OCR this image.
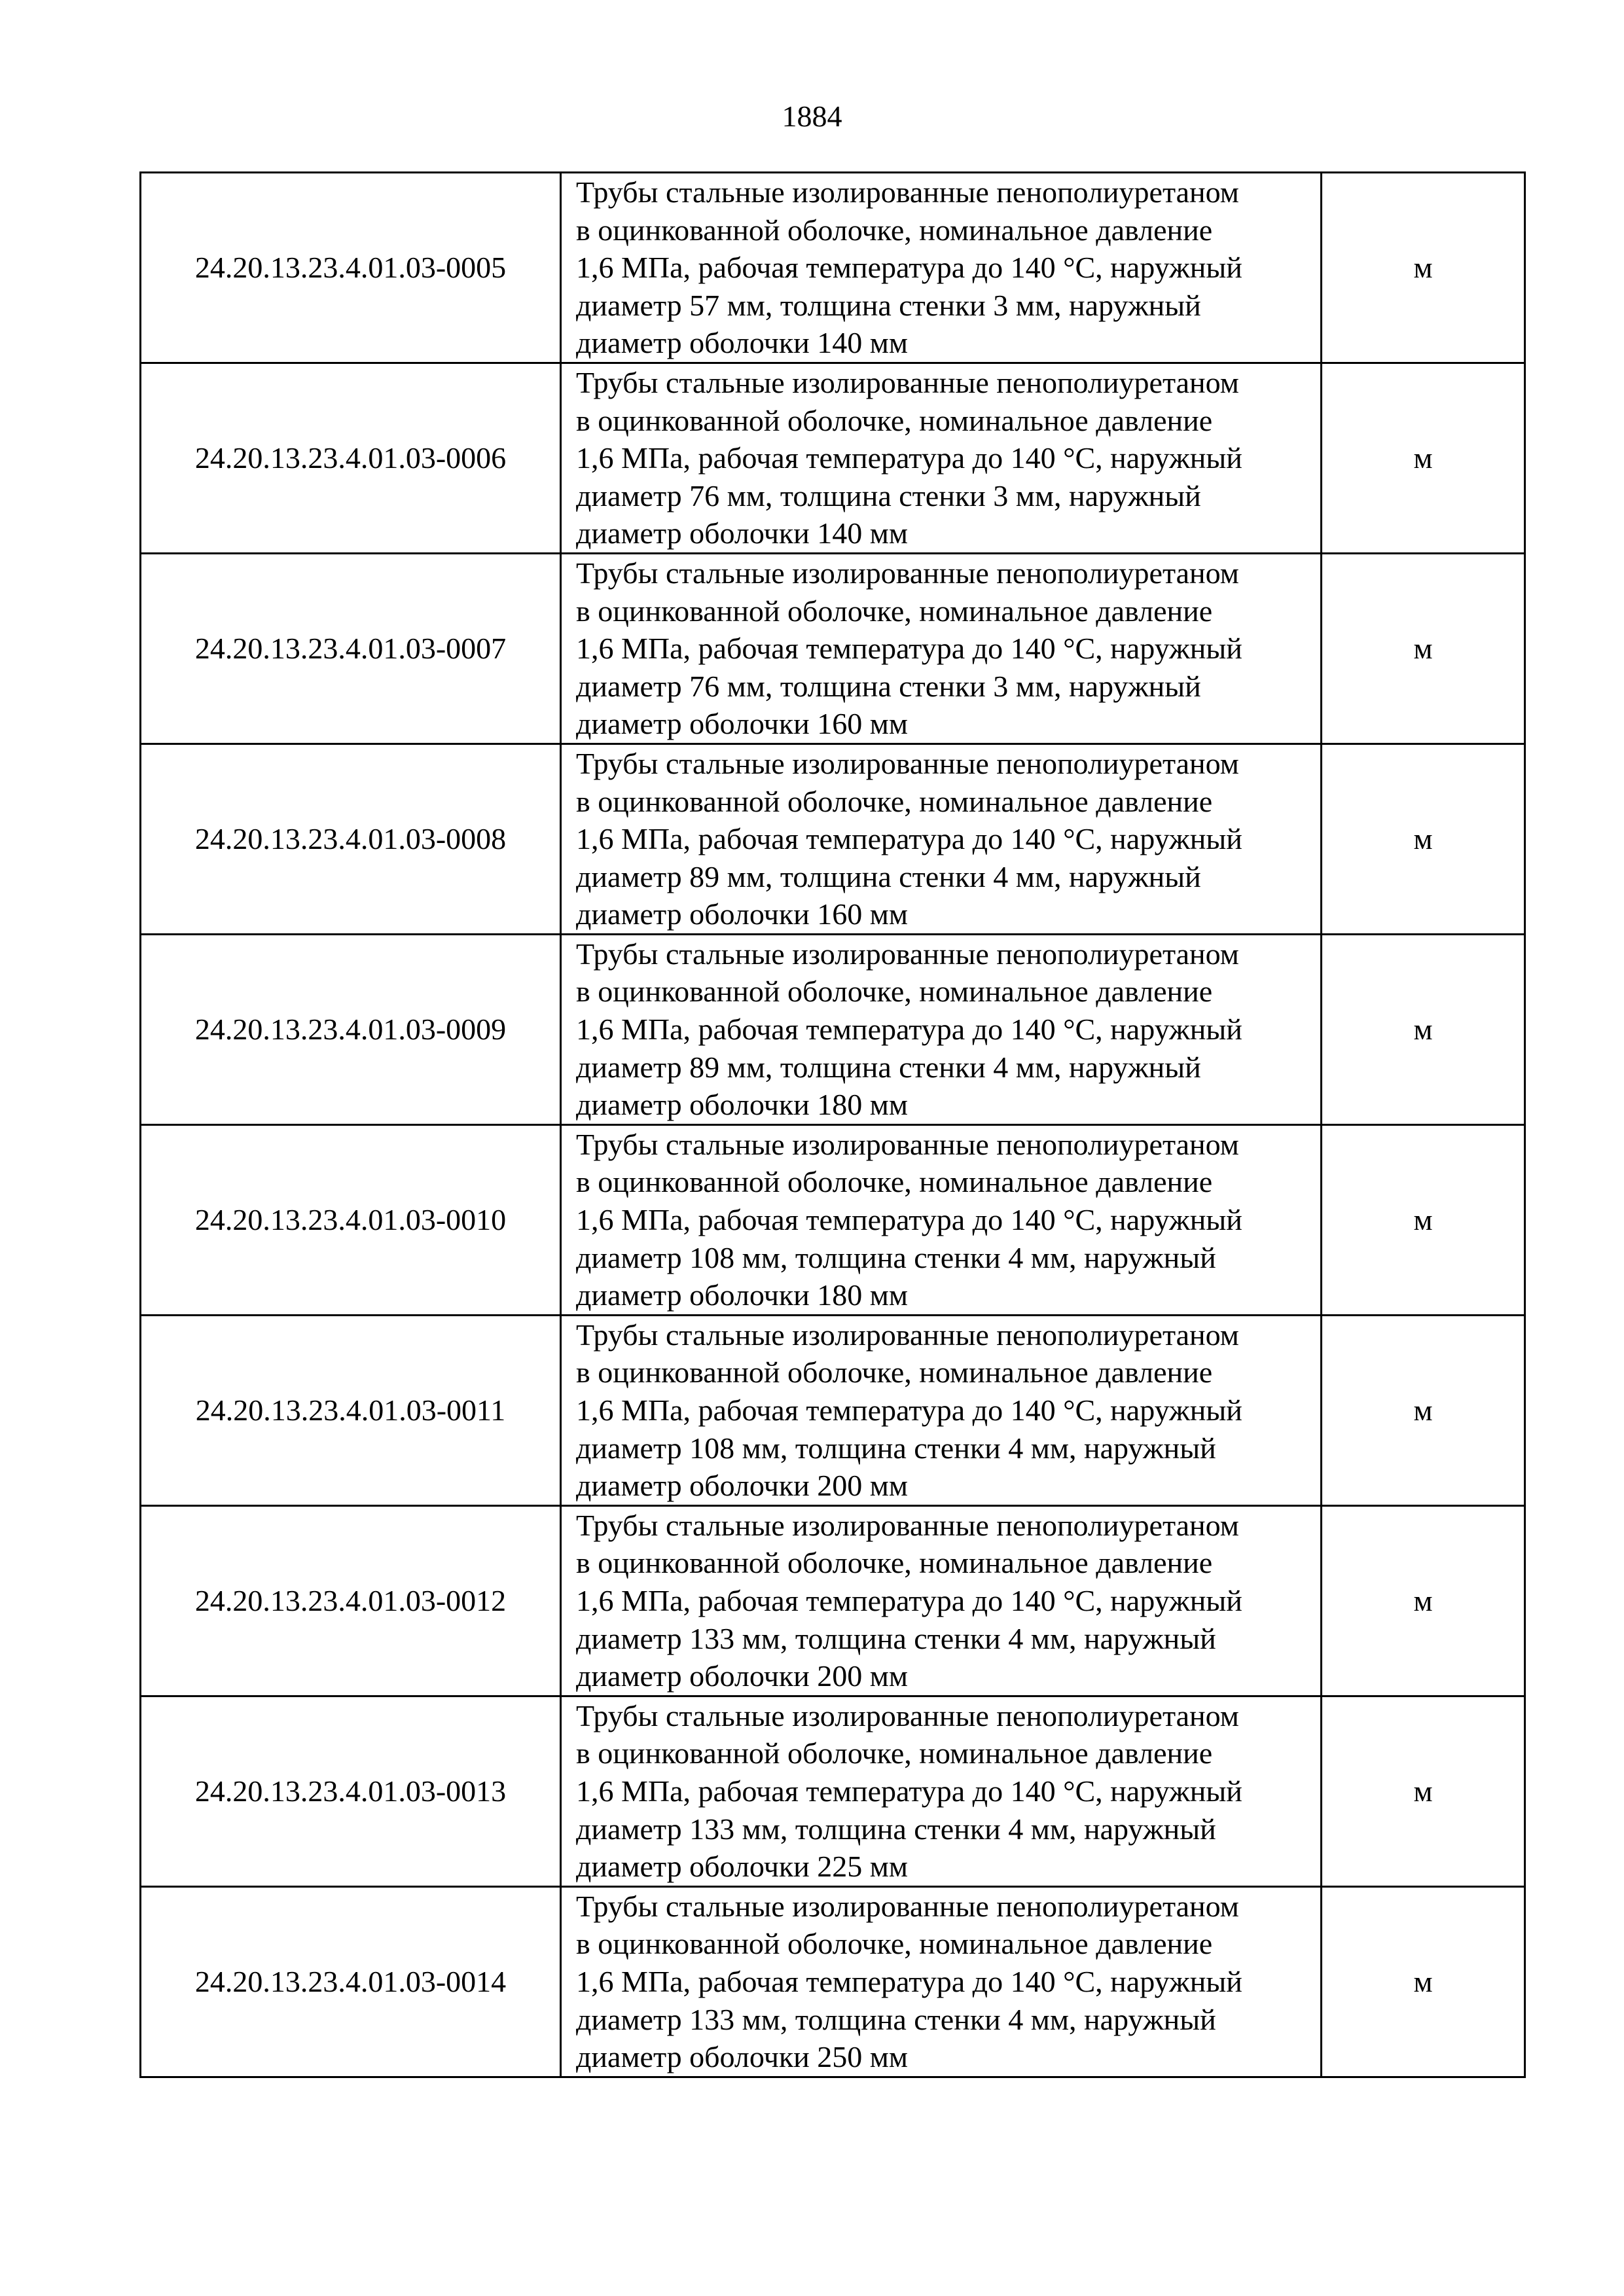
1884
24.20.13.23.4.01.03-0005	Трубы стальные изолированные пенополиуретаном
в оцинкованной оболочке, номинальное давление
1,6 МПа, рабочая температура до 140 °С, наружный
диаметр 57 мм, толщина стенки 3 мм, наружный
диаметр оболочки 140 мм	м
24.20.13.23.4.01.03-0006	Трубы стальные изолированные пенополиуретаном
в оцинкованной оболочке, номинальное давление
1,6 МПа, рабочая температура до 140 °С, наружный
диаметр 76 мм, толщина стенки 3 мм, наружный
диаметр оболочки 140 мм	м
24.20.13.23.4.01.03-0007	Трубы стальные изолированные пенополиуретаном
в оцинкованной оболочке, номинальное давление
1,6 МПа, рабочая температура до 140 °С, наружный
диаметр 76 мм, толщина стенки 3 мм, наружный
диаметр оболочки 160 мм	м
24.20.13.23.4.01.03-0008	Трубы стальные изолированные пенополиуретаном
в оцинкованной оболочке, номинальное давление
1,6 МПа, рабочая температура до 140 °С, наружный
диаметр 89 мм, толщина стенки 4 мм, наружный
диаметр оболочки 160 мм	м
24.20.13.23.4.01.03-0009	Трубы стальные изолированные пенополиуретаном
в оцинкованной оболочке, номинальное давление
1,6 МПа, рабочая температура до 140 °С, наружный
диаметр 89 мм, толщина стенки 4 мм, наружный
диаметр оболочки 180 мм	м
24.20.13.23.4.01.03-0010	Трубы стальные изолированные пенополиуретаном
в оцинкованной оболочке, номинальное давление
1,6 МПа, рабочая температура до 140 °С, наружный
диаметр 108 мм, толщина стенки 4 мм, наружный
диаметр оболочки 180 мм	м
24.20.13.23.4.01.03-0011	Трубы стальные изолированные пенополиуретаном
в оцинкованной оболочке, номинальное давление
1,6 МПа, рабочая температура до 140 °С, наружный
диаметр 108 мм, толщина стенки 4 мм, наружный
диаметр оболочки 200 мм	м
24.20.13.23.4.01.03-0012	Трубы стальные изолированные пенополиуретаном
в оцинкованной оболочке, номинальное давление
1,6 МПа, рабочая температура до 140 °С, наружный
диаметр 133 мм, толщина стенки 4 мм, наружный
диаметр оболочки 200 мм	м
24.20.13.23.4.01.03-0013	Трубы стальные изолированные пенополиуретаном
в оцинкованной оболочке, номинальное давление
1,6 МПа, рабочая температура до 140 °С, наружный
диаметр 133 мм, толщина стенки 4 мм, наружный
диаметр оболочки 225 мм	м
24.20.13.23.4.01.03-0014	Трубы стальные изолированные пенополиуретаном
в оцинкованной оболочке, номинальное давление
1,6 МПа, рабочая температура до 140 °С, наружный
диаметр 133 мм, толщина стенки 4 мм, наружный
диаметр оболочки 250 мм	м
